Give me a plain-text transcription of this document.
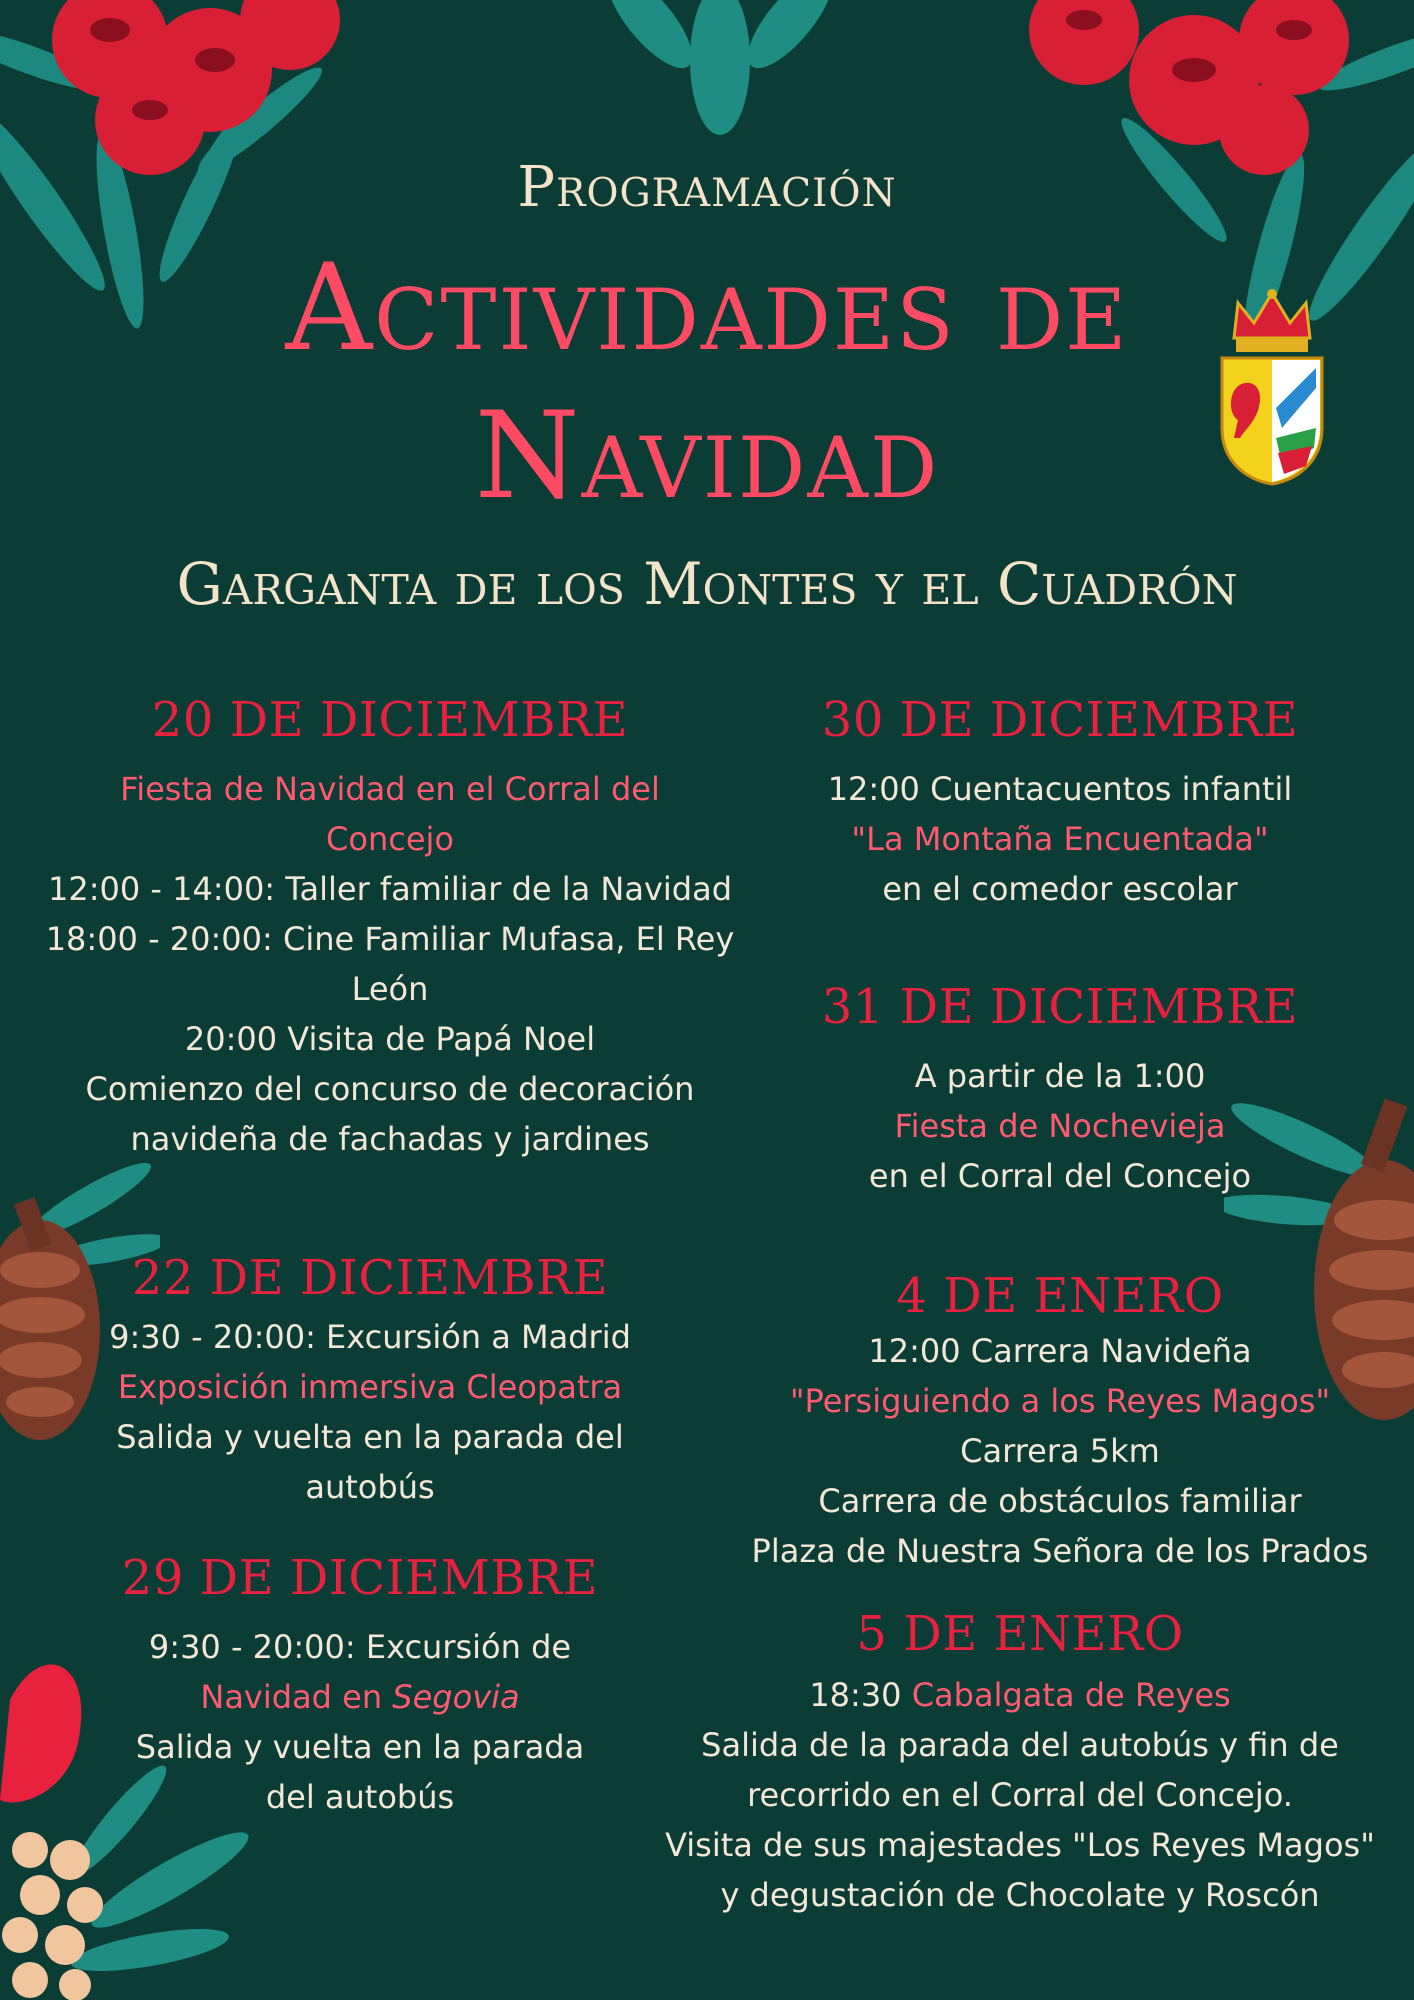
Programación
Actividades de Navidad
Garganta de los Montes y el Cuadrón
20 DE DICIEMBRE
Fiesta de Navidad en el Corral del
Concejo
12:00 - 14:00: Taller familiar de la Navidad
18:00 - 20:00: Cine Familiar Mufasa, El Rey
León
20:00 Visita de Papá Noel
Comienzo del concurso de decoración
navideña de fachadas y jardines
22 DE DICIEMBRE
9:30 - 20:00: Excursión a Madrid
Exposición inmersiva Cleopatra
Salida y vuelta en la parada del
autobús
29 DE DICIEMBRE
9:30 - 20:00: Excursión de
Navidad en Segovia
Salida y vuelta en la parada
del autobús
30 DE DICIEMBRE
12:00 Cuentacuentos infantil
"La Montaña Encuentada"
en el comedor escolar
31 DE DICIEMBRE
A partir de la 1:00
Fiesta de Nochevieja
en el Corral del Concejo
4 DE ENERO
12:00 Carrera Navideña
"Persiguiendo a los Reyes Magos"
Carrera 5km
Carrera de obstáculos familiar
Plaza de Nuestra Señora de los Prados
5 DE ENERO
18:30 Cabalgata de Reyes
Salida de la parada del autobús y fin de
recorrido en el Corral del Concejo.
Visita de sus majestades "Los Reyes Magos"
y degustación de Chocolate y Roscón
